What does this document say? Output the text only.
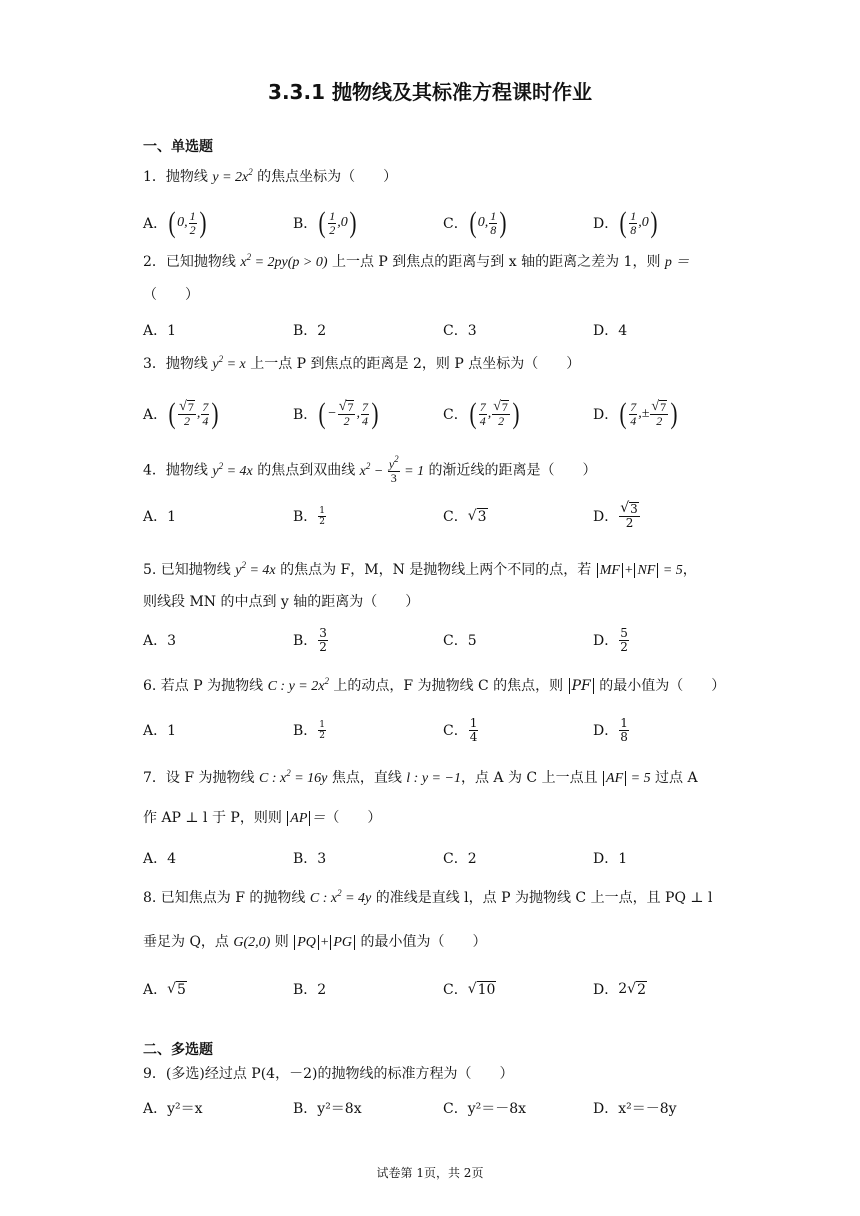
3.3.1 抛物线及其标准方程课时作业
一、单选题
1．抛物线 $y = 2x^2$ 的焦点坐标为（　　）
A． ( 0, $\frac{1}{2}$ )	B． ( $\frac{1}{2} ,0$ )	C． ( 0, $\frac{1}{8}$ )	D． ( $\frac{1}{8} ,0$ )
2．已知抛物线 $x^2 = 2py(p > 0)$ 上一点 P 到焦点的距离与到 x 轴的距离之差为 1，则 p ＝
（　　）
A．1	B．2	C．3	D．4
3．抛物线 $y^2 = x$ 上一点 P 到焦点的距离是 2，则 P 点坐标为（　　）
A． ( $\frac{√ 7}{2}$ , $\frac{7}{4}$ )	B． ( − $\frac{√ 7}{2}$ , $\frac{7}{4}$ )	C． ( $\frac{7}{4}$ , $\frac{√ 7}{2}$ )	D． ( $\frac{7}{4}$ ,± $\frac{√ 7}{2}$ )
4．抛物线 $y^2 = 4x$ 的焦点到双曲线 $x^2 - \frac{y^2}{3} = 1$ 的渐近线的距离是（　　）
A．1	B． $\frac{1}{2}$	C． √ 3	D． $\frac{√ 3}{2}$
5. 已知抛物线 $y^2 = 4x$ 的焦点为 F，M，N 是抛物线上两个不同的点，若 MF + NF = 5，
则线段 MN 的中点到 y 轴的距离为（　　）
A．3	B． $\frac{3}{2}$	C．5	D． $\frac{5}{2}$
6. 若点 P 为抛物线 C : $y = 2x^2$ 上的动点，F 为抛物线 C 的焦点，则 PF 的最小值为（　　）
A．1	B． $\frac{1}{2}$	C． $\frac{1}{4}$	D． $\frac{1}{8}$
7．设 F 为抛物线 C : $x^2 = 16y$ 焦点，直线 l : y = −1，点 A 为 C 上一点且 AF = 5 过点 A
作 AP ⊥ l 于 P，则则 AP ＝（　　）
A．4	B．3	C．2	D．1
8. 已知焦点为 F 的抛物线 C : $x^2 = 4y$ 的准线是直线 l，点 P 为抛物线 C 上一点，且 PQ ⊥ l
垂足为 Q，点 G(2,0) 则 PQ + PG 的最小值为（　　）
A． √ 5	B．2	C． √ 10	D． 2 √ 2
二、多选题
9．(多选)经过点 P(4，－2)的抛物线的标准方程为（　　）
A．y²＝x	B．y²＝8x	C．y²＝－8x	D．x²＝－8y
试卷第 1页，共 2页
